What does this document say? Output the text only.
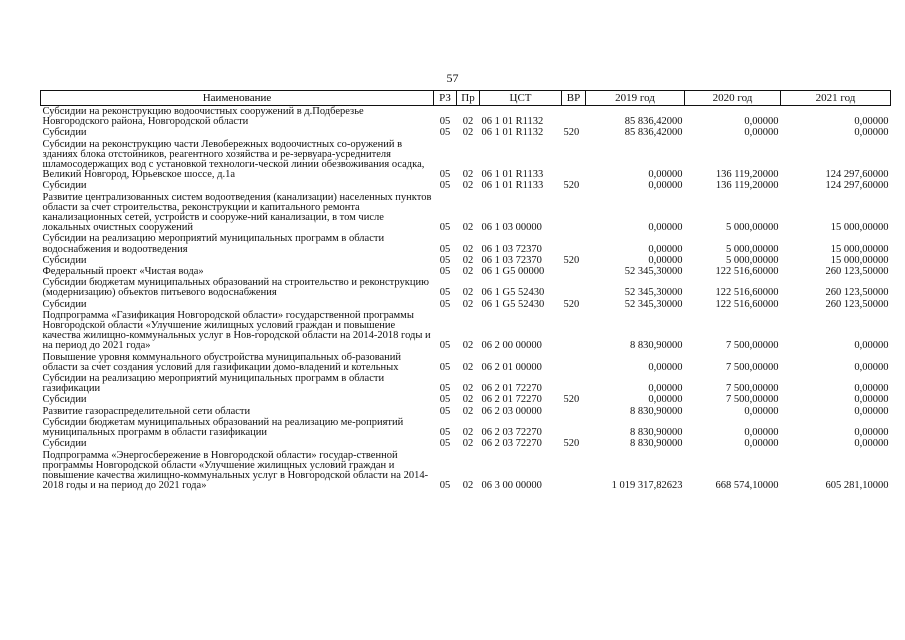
57
Наименование	РЗ	Пр	ЦСТ	ВР	2019 год	2020 год	2021 год
Субсидии на реконструкцию водоочистных сооружений в д.Подберезье Новгородского района, Новгородской области	05	02	06 1 01 R1132		85 836,42000	0,00000	0,00000
Субсидии	05	02	06 1 01 R1132	520	85 836,42000	0,00000	0,00000
Субсидии на реконструкцию части Левобережных водоочистных со-оружений в зданиях блока отстойников, реагентного хозяйства и ре-зервуара-усреднителя шламосодержащих вод с установкой технологи-ческой линии обезвоживания осадка, Великий Новгород, Юрьевское шоссе, д.1а	05	02	06 1 01 R1133		0,00000	136 119,20000	124 297,60000
Субсидии	05	02	06 1 01 R1133	520	0,00000	136 119,20000	124 297,60000
Развитие централизованных систем водоотведения (канализации) населенных пунктов области за счет строительства, реконструкции и капитального ремонта канализационных сетей, устройств и сооруже-ний канализации, в том числе локальных очистных сооружений	05	02	06 1 03 00000		0,00000	5 000,00000	15 000,00000
Субсидии на реализацию мероприятий муниципальных программ в области водоснабжения и водоотведения	05	02	06 1 03 72370		0,00000	5 000,00000	15 000,00000
Субсидии	05	02	06 1 03 72370	520	0,00000	5 000,00000	15 000,00000
Федеральный проект «Чистая вода»	05	02	06 1 G5 00000		52 345,30000	122 516,60000	260 123,50000
Субсидии бюджетам муниципальных образований на строительство и реконструкцию (модернизацию) объектов питьевого водоснабжения	05	02	06 1 G5 52430		52 345,30000	122 516,60000	260 123,50000
Субсидии	05	02	06 1 G5 52430	520	52 345,30000	122 516,60000	260 123,50000
Подпрограмма «Газификация Новгородской области» государственной программы Новгородской области «Улучшение жилищных условий граждан и повышение качества жилищно-коммунальных услуг в Нов-городской области на 2014-2018 годы и на период до 2021 года»	05	02	06 2 00 00000		8 830,90000	7 500,00000	0,00000
Повышение уровня коммунального обустройства муниципальных об-разований области за счет создания условий для газификации домо-владений и котельных	05	02	06 2 01 00000		0,00000	7 500,00000	0,00000
Субсидии на реализацию мероприятий муниципальных программ в области газификации	05	02	06 2 01 72270		0,00000	7 500,00000	0,00000
Субсидии	05	02	06 2 01 72270	520	0,00000	7 500,00000	0,00000
Развитие газораспределительной сети области	05	02	06 2 03 00000		8 830,90000	0,00000	0,00000
Субсидии бюджетам муниципальных образований на реализацию ме-роприятий муниципальных программ в области газификации	05	02	06 2 03 72270		8 830,90000	0,00000	0,00000
Субсидии	05	02	06 2 03 72270	520	8 830,90000	0,00000	0,00000
Подпрограмма «Энергосбережение в Новгородской области» государ-ственной программы Новгородской области «Улучшение жилищных условий граждан и повышение качества жилищно-коммунальных услуг в Новгородской области на 2014-2018 годы и на период до 2021 года»	05	02	06 3 00 00000		1 019 317,82623	668 574,10000	605 281,10000
